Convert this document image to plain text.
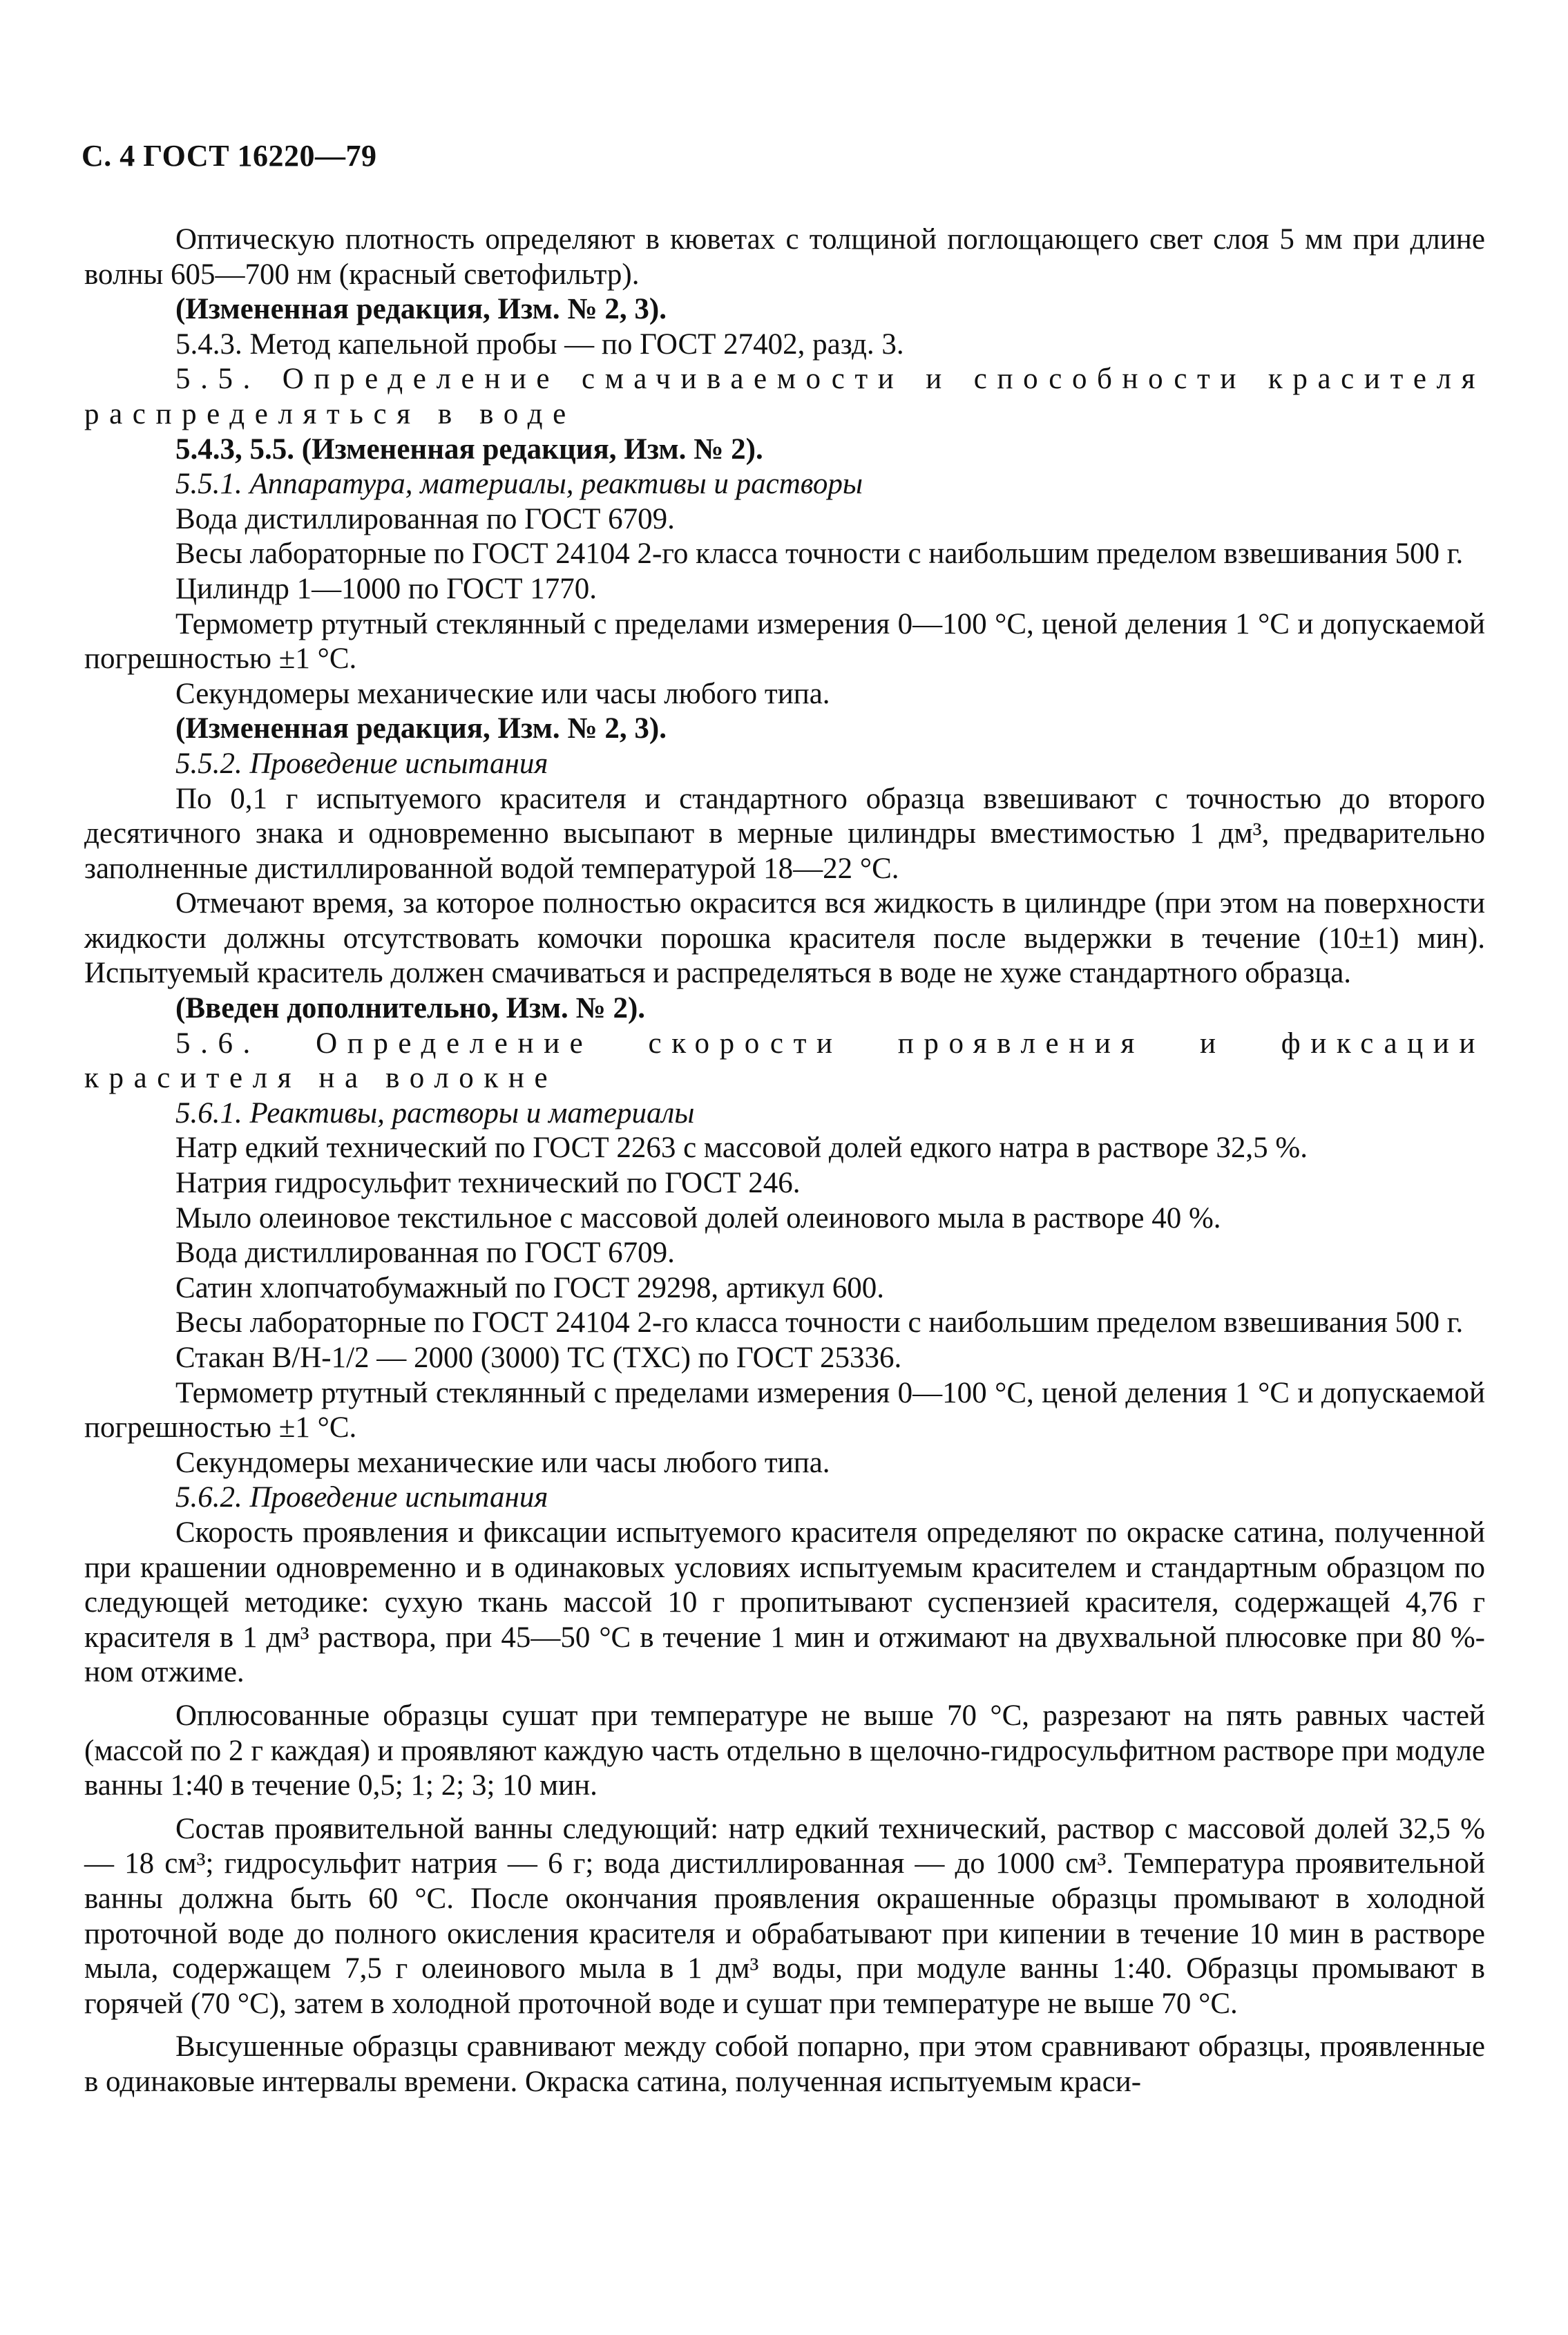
С. 4 ГОСТ 16220—79

Оптическую плотность определяют в кюветах с толщиной поглощающего свет слоя 5 мм при длине волны 605—700 нм (красный светофильтр).

(Измененная редакция, Изм. № 2, 3).

5.4.3. Метод капельной пробы — по ГОСТ 27402, разд. 3.

5.5. Определение смачиваемости и способности красителя распределяться в воде

5.4.3, 5.5. (Измененная редакция, Изм. № 2).

5.5.1. Аппаратура, материалы, реактивы и растворы

Вода дистиллированная по ГОСТ 6709.

Весы лабораторные по ГОСТ 24104 2-го класса точности с наибольшим пределом взвешивания 500 г.

Цилиндр 1—1000 по ГОСТ 1770.

Термометр ртутный стеклянный с пределами измерения 0—100 °С, ценой деления 1 °С и допускаемой погрешностью ±1 °С.

Секундомеры механические или часы любого типа.

(Измененная редакция, Изм. № 2, 3).

5.5.2. Проведение испытания

По 0,1 г испытуемого красителя и стандартного образца взвешивают с точностью до второго десятичного знака и одновременно высыпают в мерные цилиндры вместимостью 1 дм³, предварительно заполненные дистиллированной водой температурой 18—22 °С.

Отмечают время, за которое полностью окрасится вся жидкость в цилиндре (при этом на поверхности жидкости должны отсутствовать комочки порошка красителя после выдержки в течение (10±1) мин). Испытуемый краситель должен смачиваться и распределяться в воде не хуже стандартного образца.

(Введен дополнительно, Изм. № 2).

5.6. Определение скорости проявления и фиксации красителя на волокне

5.6.1. Реактивы, растворы и материалы

Натр едкий технический по ГОСТ 2263 с массовой долей едкого натра в растворе 32,5 %.

Натрия гидросульфит технический по ГОСТ 246.

Мыло олеиновое текстильное с массовой долей олеинового мыла в растворе 40 %.

Вода дистиллированная по ГОСТ 6709.

Сатин хлопчатобумажный по ГОСТ 29298, артикул 600.

Весы лабораторные по ГОСТ 24104 2-го класса точности с наибольшим пределом взвешивания 500 г.

Стакан В/Н-1/2 — 2000 (3000) ТС (ТХС) по ГОСТ 25336.

Термометр ртутный стеклянный с пределами измерения 0—100 °С, ценой деления 1 °С и допускаемой погрешностью ±1 °С.

Секундомеры механические или часы любого типа.

5.6.2. Проведение испытания

Скорость проявления и фиксации испытуемого красителя определяют по окраске сатина, полученной при крашении одновременно и в одинаковых условиях испытуемым красителем и стандартным образцом по следующей методике: сухую ткань массой 10 г пропитывают суспензией красителя, содержащей 4,76 г красителя в 1 дм³ раствора, при 45—50 °С в течение 1 мин и отжимают на двухвальной плюсовке при 80 %-ном отжиме.

Оплюсованные образцы сушат при температуре не выше 70 °С, разрезают на пять равных частей (массой по 2 г каждая) и проявляют каждую часть отдельно в щелочно-гидросульфитном растворе при модуле ванны 1:40 в течение 0,5; 1; 2; 3; 10 мин.

Состав проявительной ванны следующий: натр едкий технический, раствор с массовой долей 32,5 % — 18 см³; гидросульфит натрия — 6 г; вода дистиллированная — до 1000 см³. Температура проявительной ванны должна быть 60 °С. После окончания проявления окрашенные образцы промывают в холодной проточной воде до полного окисления красителя и обрабатывают при кипении в течение 10 мин в растворе мыла, содержащем 7,5 г олеинового мыла в 1 дм³ воды, при модуле ванны 1:40. Образцы промывают в горячей (70 °С), затем в холодной проточной воде и сушат при температуре не выше 70 °С.

Высушенные образцы сравнивают между собой попарно, при этом сравнивают образцы, проявленные в одинаковые интервалы времени. Окраска сатина, полученная испытуемым краси-
